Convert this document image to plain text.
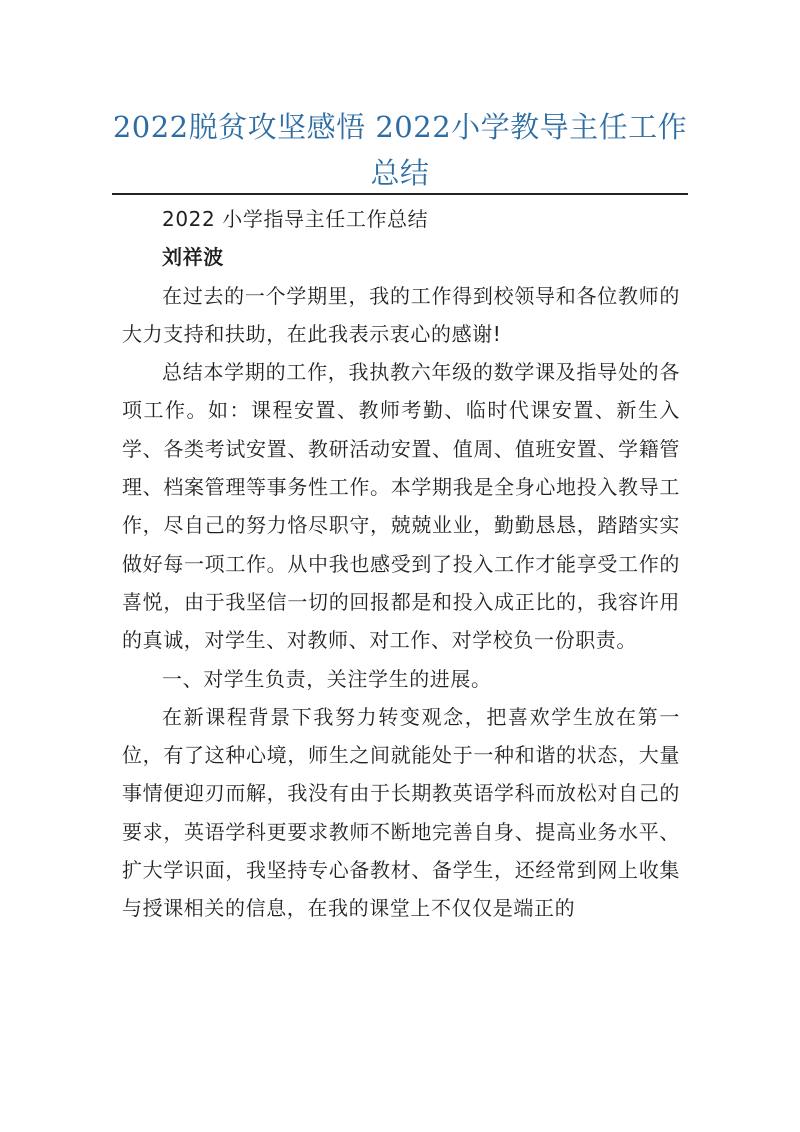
2022脱贫攻坚感悟 2022小学教导主任工作总结

2022 小学指导主任工作总结

刘祥波

在过去的一个学期里，我的工作得到校领导和各位教师的大力支持和扶助，在此我表示衷心的感谢!

总结本学期的工作，我执教六年级的数学课及指导处的各项工作。如：课程安置、教师考勤、临时代课安置、新生入学、各类考试安置、教研活动安置、值周、值班安置、学籍管理、档案管理等事务性工作。本学期我是全身心地投入教导工作，尽自己的努力恪尽职守，兢兢业业，勤勤恳恳，踏踏实实做好每一项工作。从中我也感受到了投入工作才能享受工作的喜悦，由于我坚信一切的回报都是和投入成正比的，我容许用的真诚，对学生、对教师、对工作、对学校负一份职责。

一、对学生负责，关注学生的进展。

在新课程背景下我努力转变观念，把喜欢学生放在第一位，有了这种心境，师生之间就能处于一种和谐的状态，大量事情便迎刃而解，我没有由于长期教英语学科而放松对自己的要求，英语学科更要求教师不断地完善自身、提高业务水平、扩大学识面，我坚持专心备教材、备学生，还经常到网上收集与授课相关的信息，在我的课堂上不仅仅是端正的
